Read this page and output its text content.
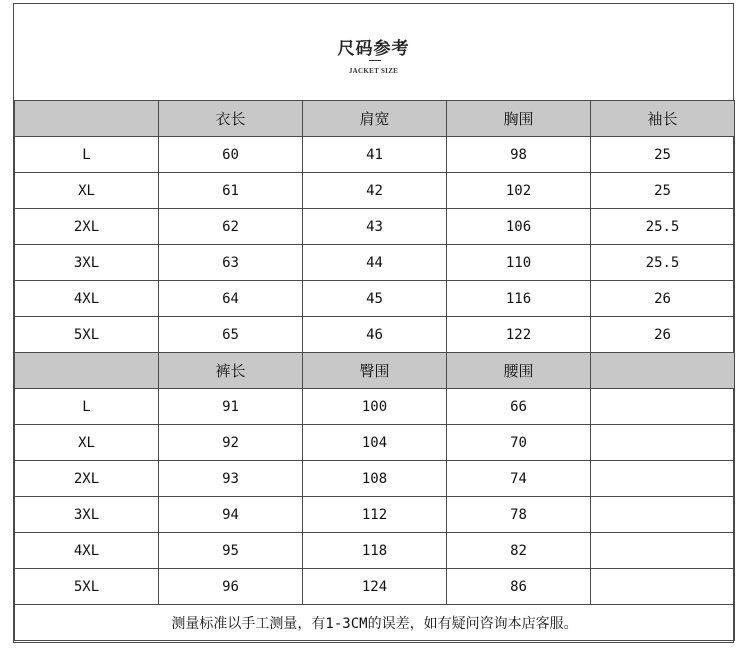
尺码参考
JACKET SIZE
	衣长	肩宽	胸围	袖长
L	60	41	98	25
XL	61	42	102	25
2XL	62	43	106	25.5
3XL	63	44	110	25.5
4XL	64	45	116	26
5XL	65	46	122	26
	裤长	臀围	腰围	
L	91	100	66	
XL	92	104	70	
2XL	93	108	74	
3XL	94	112	78	
4XL	95	118	82	
5XL	96	124	86	
测量标准以手工测量，有1-3CM的误差，如有疑问咨询本店客服。				
